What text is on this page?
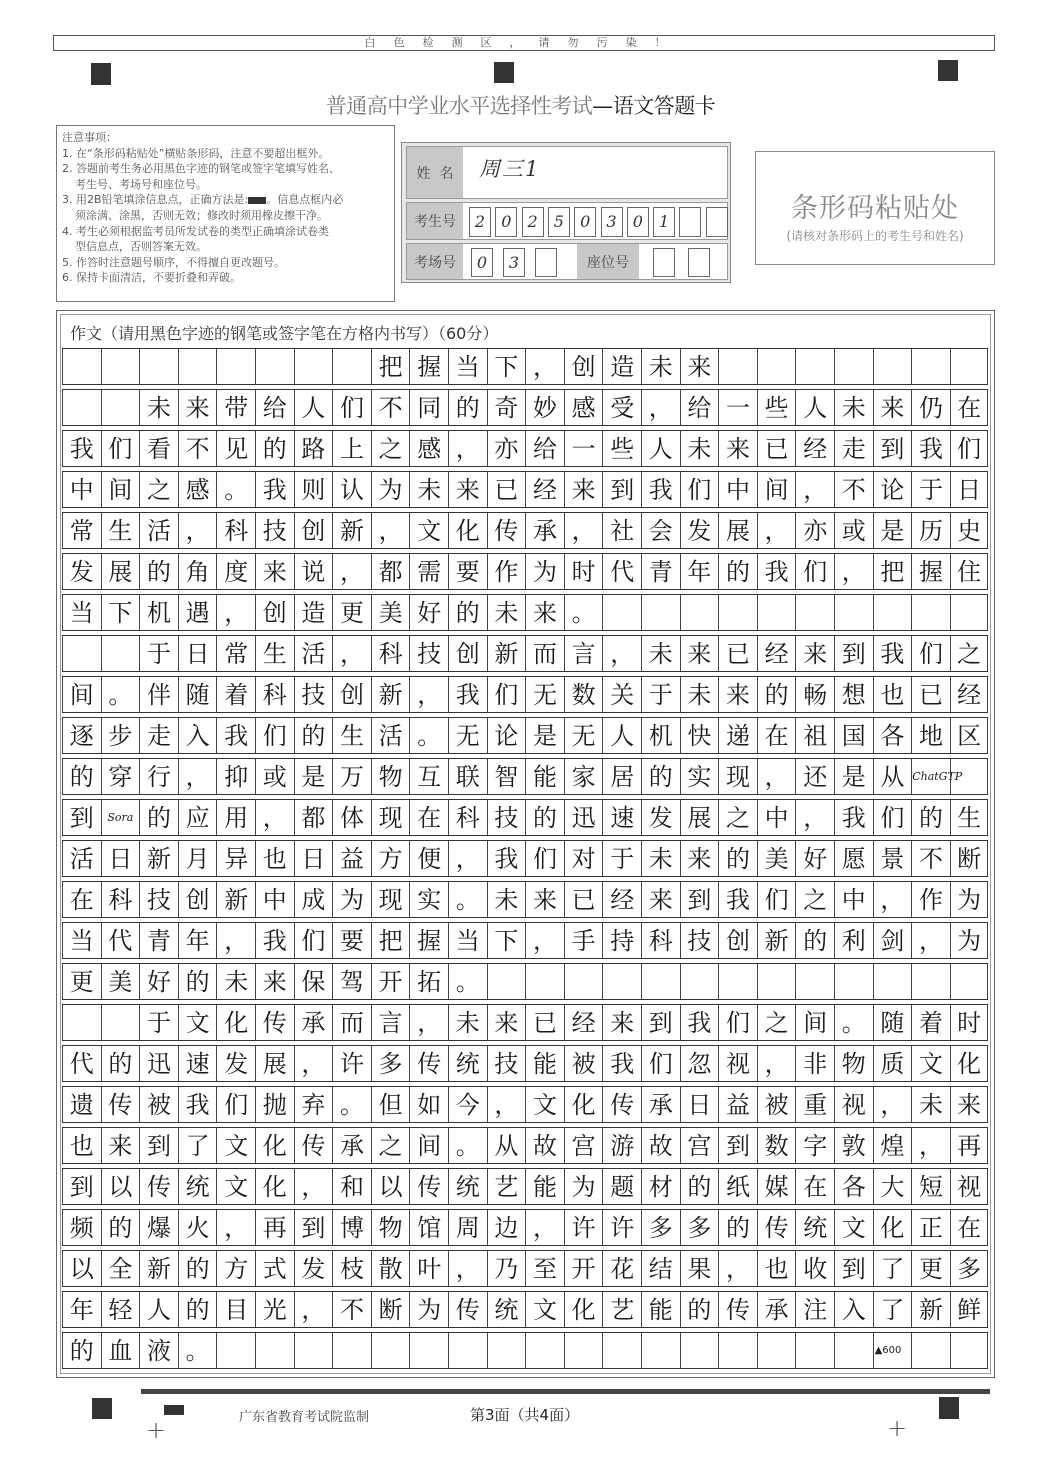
白色检测区，请勿污染！
普通高中学业水平选择性考试—语文答题卡
注意事项：
1. 在“条形码粘贴处”横贴条形码，注意不要超出框外。
2. 答题前考生务必用黑色字迹的钢笔或签字笔填写姓名、
考生号、考场号和座位号。
3. 用2B铅笔填涂信息点，正确方法是: 。信息点框内必
须涂满、涂黑，否则无效；修改时须用橡皮擦干净。
4. 考生必须根据监考员所发试卷的类型正确填涂试卷类
型信息点，否则答案无效。
5. 作答时注意题号顺序，不得擅自更改题号。
6. 保持卡面清洁，不要折叠和弄破。
姓  名	周三1
考生号	2	0	2	5	0	3	0	1
考场号	0	3	座位号
条形码粘贴处
(请核对条形码上的考生号和姓名)
作文（请用黑色字迹的钢笔或签字笔在方格内书写）（60分）
把 握 当 下 ， 创 造 未 来
未 来 带 给 人 们 不 同 的 奇 妙 感 受 ， 给 一 些 人 未 来 仍 在
我 们 看 不 见 的 路 上 之 感 ， 亦 给 一 些 人 未 来 已 经 走 到 我 们
中 间 之 感 。 我 则 认 为 未 来 已 经 来 到 我 们 中 间 ， 不 论 于 日
常 生 活 ， 科 技 创 新 ， 文 化 传 承 ， 社 会 发 展 ， 亦 或 是 历 史
发 展 的 角 度 来 说 ， 都 需 要 作 为 时 代 青 年 的 我 们 ， 把 握 住
当 下 机 遇 ， 创 造 更 美 好 的 未 来 。
于 日 常 生 活 ， 科 技 创 新 而 言 ， 未 来 已 经 来 到 我 们 之
间 。 伴 随 着 科 技 创 新 ， 我 们 无 数 关 于 未 来 的 畅 想 也 已 经
逐 步 走 入 我 们 的 生 活 。 无 论 是 无 人 机 快 递 在 祖 国 各 地 区
的 穿 行 ， 抑 或 是 万 物 互 联 智 能 家 居 的 实 现 ， 还 是 从 ChatGTP
到	Sora 的 应 用 ， 都 体 现 在 科 技 的 迅 速 发 展 之 中 ， 我 们 的 生
活 日 新 月 异 也 日 益 方 便 ， 我 们 对 于 未 来 的 美 好 愿 景 不 断
在 科 技 创 新 中 成 为 现 实 。 未 来 已 经 来 到 我 们 之 中 ， 作 为
当 代 青 年 ， 我 们 要 把 握 当 下 ， 手 持 科 技 创 新 的 利 剑 ， 为
更 美 好 的 未 来 保 驾 开 拓 。
于 文 化 传 承 而 言 ， 未 来 已 经 来 到 我 们 之 间 。 随 着 时
代 的 迅 速 发 展 ， 许 多 传 统 技 能 被 我 们 忽 视 ， 非 物 质 文 化
遗 传 被 我 们 抛 弃 。 但 如 今 ， 文 化 传 承 日 益 被 重 视 ， 未 来
也 来 到 了 文 化 传 承 之 间 。 从 故 宫 游 故 宫 到 数 字 敦 煌 ， 再
到 以 传 统 文 化 ， 和 以 传 统 艺 能 为 题 材 的 纸 媒 在 各 大 短 视
频 的 爆 火 ， 再 到 博 物 馆 周 边 ， 许 许 多 多 的 传 统 文 化 正 在
以 全 新 的 方 式 发 枝 散 叶 ， 乃 至 开 花 结 果 ， 也 收 到 了 更 多
年 轻 人 的 目 光 ， 不 断 为 传 统 文 化 艺 能 的 传 承 注 入 了 新 鲜
的 血 液 。	▲600
+	+
广东省教育考试院监制	第3面（共4面）
